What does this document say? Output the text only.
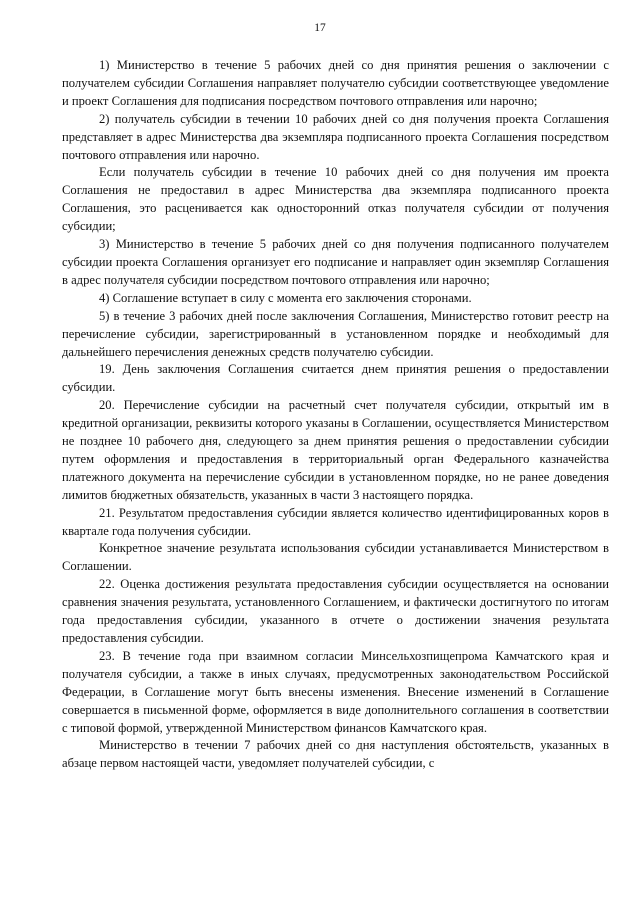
17

1) Министерство в течение 5 рабочих дней со дня принятия решения о заключении с получателем субсидии Соглашения направляет получателю субсидии соответствующее уведомление и проект Соглашения для подписания посредством почтового отправления или нарочно;

2) получатель субсидии в течении 10 рабочих дней со дня получения проекта Соглашения представляет в адрес Министерства два экземпляра подписанного проекта Соглашения посредством почтового отправления или нарочно.

Если получатель субсидии в течение 10 рабочих дней со дня получения им проекта Соглашения не предоставил в адрес Министерства два экземпляра подписанного проекта Соглашения, это расценивается как односторонний отказ получателя субсидии от получения субсидии;

3) Министерство в течение 5 рабочих дней со дня получения подписанного получателем субсидии проекта Соглашения организует его подписание и направляет один экземпляр Соглашения в адрес получателя субсидии посредством почтового отправления или нарочно;

4) Соглашение вступает в силу с момента его заключения сторонами.

5) в течение 3 рабочих дней после заключения Соглашения, Министерство готовит реестр на перечисление субсидии, зарегистрированный в установленном порядке и необходимый для дальнейшего перечисления денежных средств получателю субсидии.

19. День заключения Соглашения считается днем принятия решения о предоставлении субсидии.

20. Перечисление субсидии на расчетный счет получателя субсидии, открытый им в кредитной организации, реквизиты которого указаны в Соглашении, осуществляется Министерством не позднее 10 рабочего дня, следующего за днем принятия решения о предоставлении субсидии путем оформления и предоставления в территориальный орган Федерального казначейства платежного документа на перечисление субсидии в установленном порядке, но не ранее доведения лимитов бюджетных обязательств, указанных в части 3 настоящего порядка.

21. Результатом предоставления субсидии является количество идентифицированных коров в квартале года получения субсидии.

Конкретное значение результата использования субсидии устанавливается Министерством в Соглашении.

22. Оценка достижения результата предоставления субсидии осуществляется на основании сравнения значения результата, установленного Соглашением, и фактически достигнутого по итогам года предоставления субсидии, указанного в отчете о достижении значения результата предоставления субсидии.

23. В течение года при взаимном согласии Минсельхозпищепрома Камчатского края и получателя субсидии, а также в иных случаях, предусмотренных законодательством Российской Федерации, в Соглашение могут быть внесены изменения. Внесение изменений в Соглашение совершается в письменной форме, оформляется в виде дополнительного соглашения в соответствии с типовой формой, утвержденной Министерством финансов Камчатского края.

Министерство в течении 7 рабочих дней со дня наступления обстоятельств, указанных в абзаце первом настоящей части, уведомляет получателей субсидии, с
